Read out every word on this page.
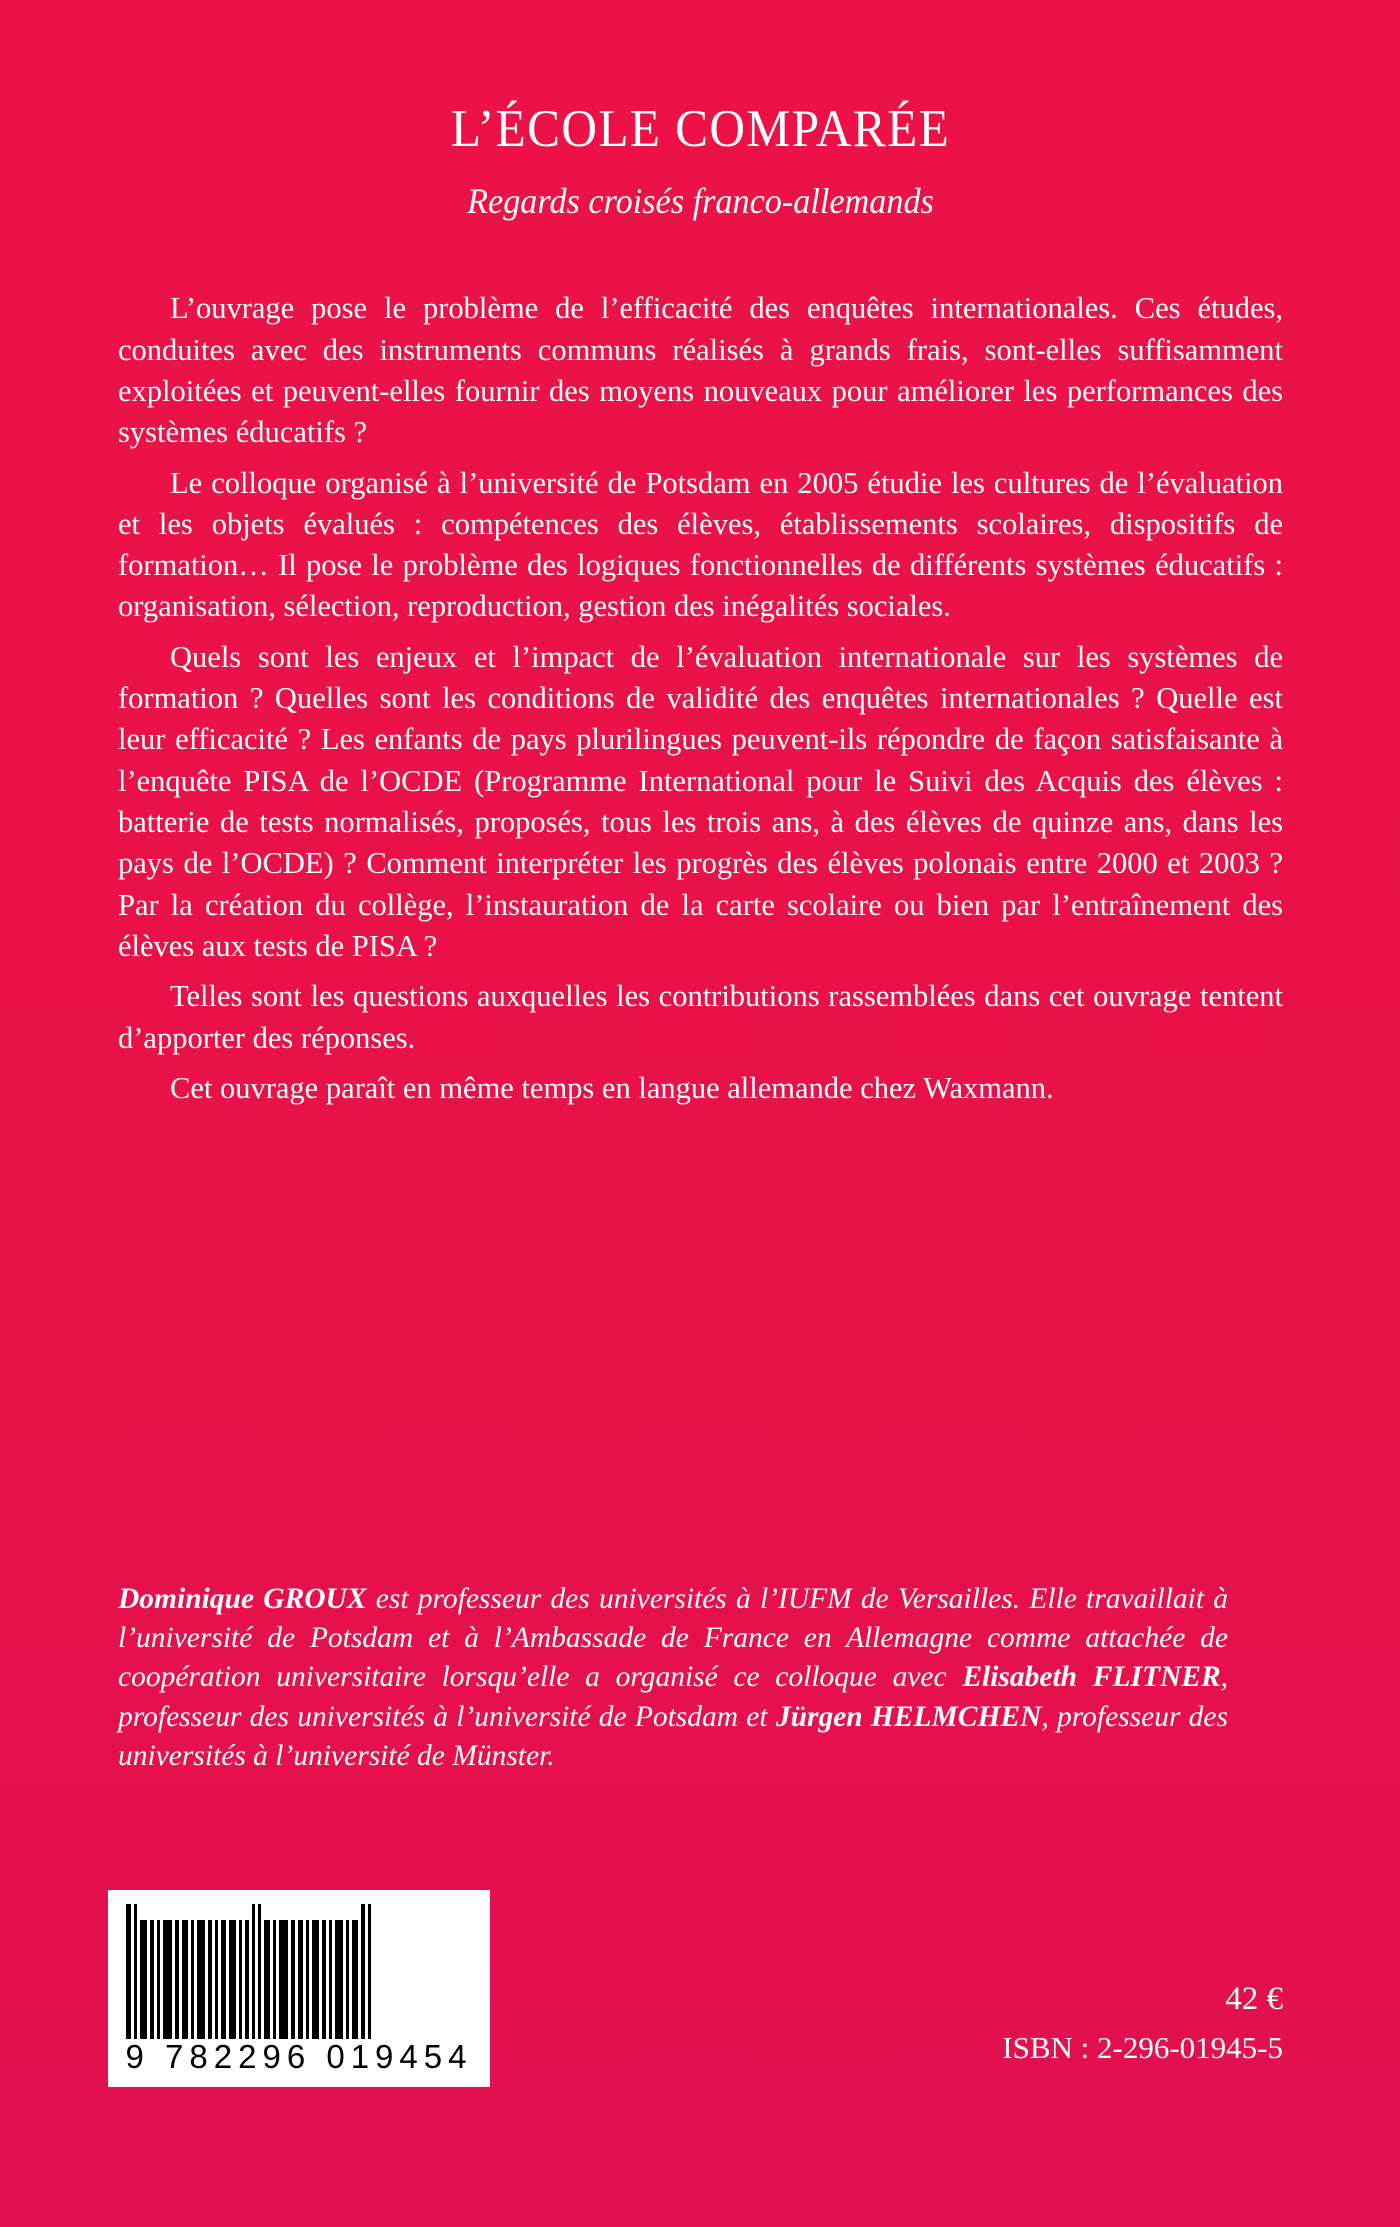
L’ÉCOLE COMPARÉE
Regards croisés franco-allemands

L’ouvrage pose le problème de l’efficacité des enquêtes internationales. Ces études, conduites avec des instruments communs réalisés à grands frais, sont-elles suffisamment exploitées et peuvent-elles fournir des moyens nouveaux pour améliorer les performances des systèmes éducatifs ?

Le colloque organisé à l’université de Potsdam en 2005 étudie les cultures de l’évaluation et les objets évalués : compétences des élèves, établissements scolaires, dispositifs de formation… Il pose le problème des logiques fonctionnelles de différents systèmes éducatifs : organisation, sélection, reproduction, gestion des inégalités sociales.

Quels sont les enjeux et l’impact de l’évaluation internationale sur les systèmes de formation ? Quelles sont les conditions de validité des enquêtes internationales ? Quelle est leur efficacité ? Les enfants de pays plurilingues peuvent-ils répondre de façon satisfaisante à l’enquête PISA de l’OCDE (Programme International pour le Suivi des Acquis des élèves : batterie de tests normalisés, proposés, tous les trois ans, à des élèves de quinze ans, dans les pays de l’OCDE) ? Comment interpréter les progrès des élèves polonais entre 2000 et 2003 ? Par la création du collège, l’instauration de la carte scolaire ou bien par l’entraînement des élèves aux tests de PISA ?

Telles sont les questions auxquelles les contributions rassemblées dans cet ouvrage tentent d’apporter des réponses.

Cet ouvrage paraît en même temps en langue allemande chez Waxmann.

Dominique GROUX est professeur des universités à l’IUFM de Versailles. Elle travaillait à l’université de Potsdam et à l’Ambassade de France en Allemagne comme attachée de coopération universitaire lorsqu’elle a organisé ce colloque avec Elisabeth FLITNER, professeur des universités à l’université de Potsdam et Jürgen HELMCHEN, professeur des universités à l’université de Münster.
9 782296 019454
42 €
ISBN : 2-296-01945-5
